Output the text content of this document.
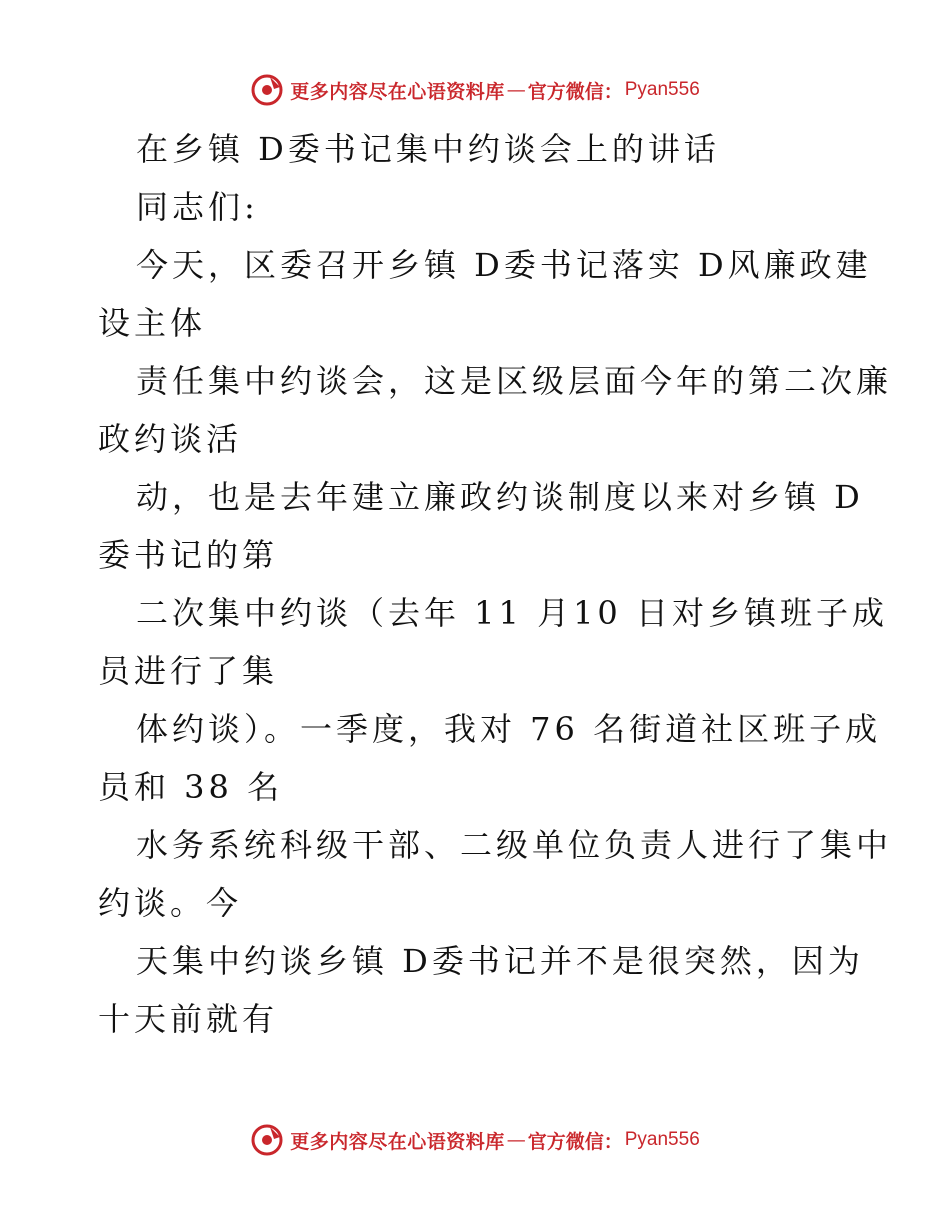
更多内容尽在心语资料库 — 官方微信： Pyan556
在乡镇 D委书记集中约谈会上的讲话
同志们:
今天，区委召开乡镇 D委书记落实 D风廉政建
设主体
责任集中约谈会，这是区级层面今年的第二次廉
政约谈活
动，也是去年建立廉政约谈制度以来对乡镇 D
委书记的第
二次集中约谈（去年 11 月10 日对乡镇班子成
员进行了集
体约谈）。一季度，我对 76 名街道社区班子成
员和 38 名
水务系统科级干部、二级单位负责人进行了集中
约谈。今
天集中约谈乡镇 D委书记并不是很突然，因为
十天前就有
更多内容尽在心语资料库 — 官方微信： Pyan556
